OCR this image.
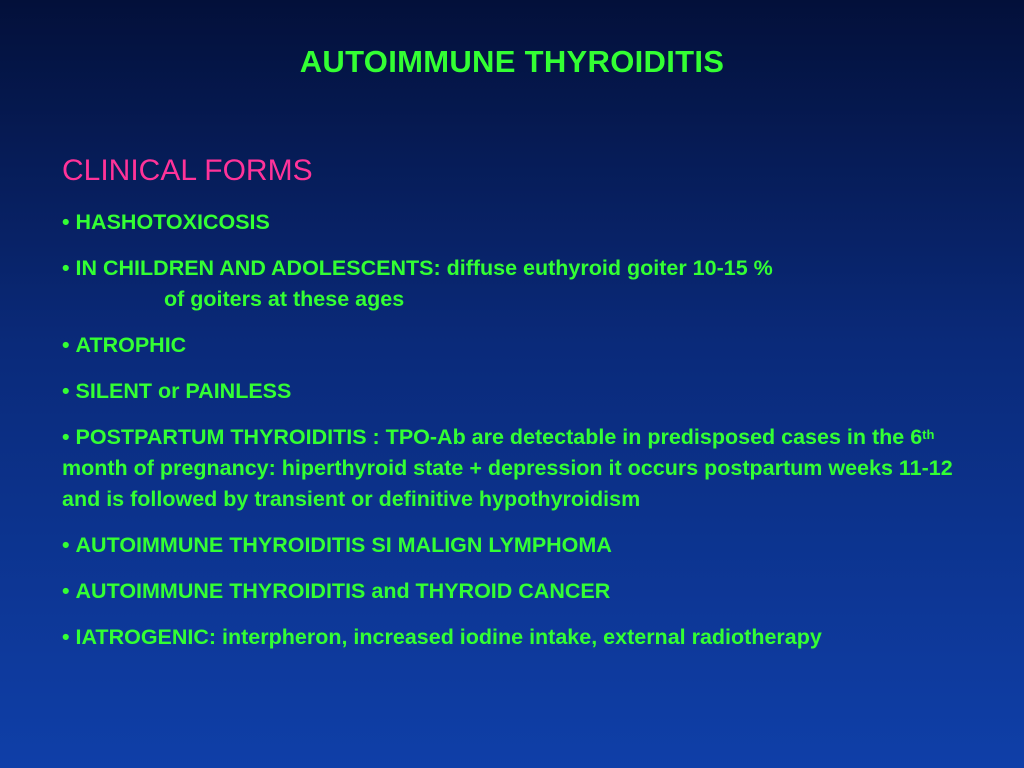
AUTOIMMUNE THYROIDITIS
CLINICAL FORMS
• HASHOTOXICOSIS
• IN CHILDREN AND ADOLESCENTS: diffuse euthyroid goiter 10-15 %
of goiters at these ages
• ATROPHIC
• SILENT or PAINLESS
• POSTPARTUM THYROIDITIS : TPO-Ab are detectable in predisposed cases in the 6th month of pregnancy: hiperthyroid state + depression it occurs postpartum weeks 11-12 and is followed by transient or definitive hypothyroidism
• AUTOIMMUNE THYROIDITIS SI MALIGN LYMPHOMA
• AUTOIMMUNE THYROIDITIS and THYROID CANCER
• IATROGENIC: interpheron, increased iodine intake, external radiotherapy
